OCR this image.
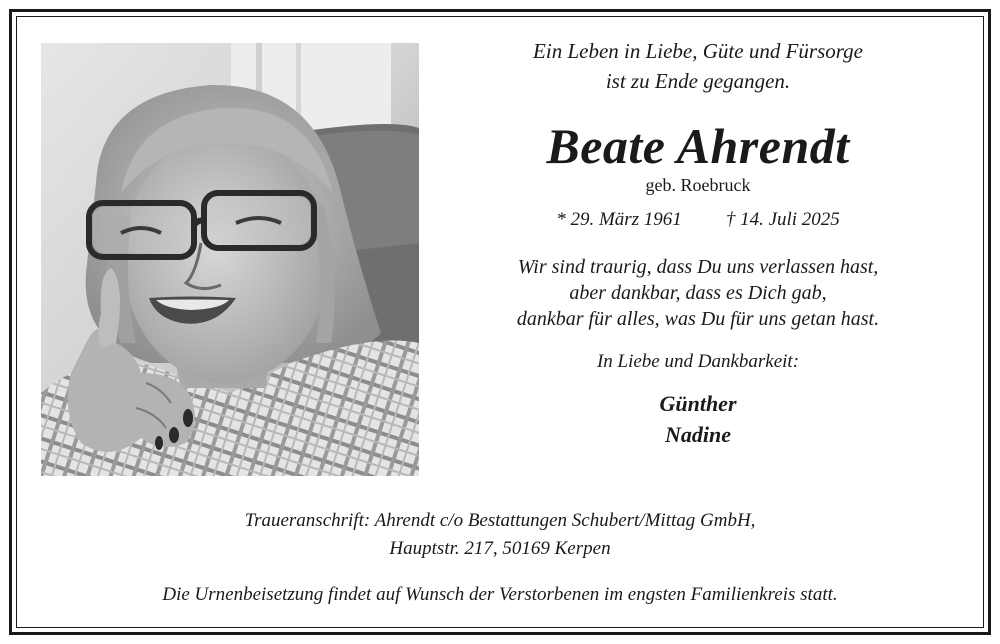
Ein Leben in Liebe, Güte und Fürsorge
ist zu Ende gegangen.
Beate Ahrendt
geb. Roebruck
* 29. März 1961 † 14. Juli 2025
Wir sind traurig, dass Du uns verlassen hast,
aber dankbar, dass es Dich gab,
dankbar für alles, was Du für uns getan hast.
In Liebe und Dankbarkeit:
Günther
Nadine
Traueranschrift: Ahrendt c/o Bestattungen Schubert/Mittag GmbH,
Hauptstr. 217, 50169 Kerpen
Die Urnenbeisetzung findet auf Wunsch der Verstorbenen im engsten Familienkreis statt.
